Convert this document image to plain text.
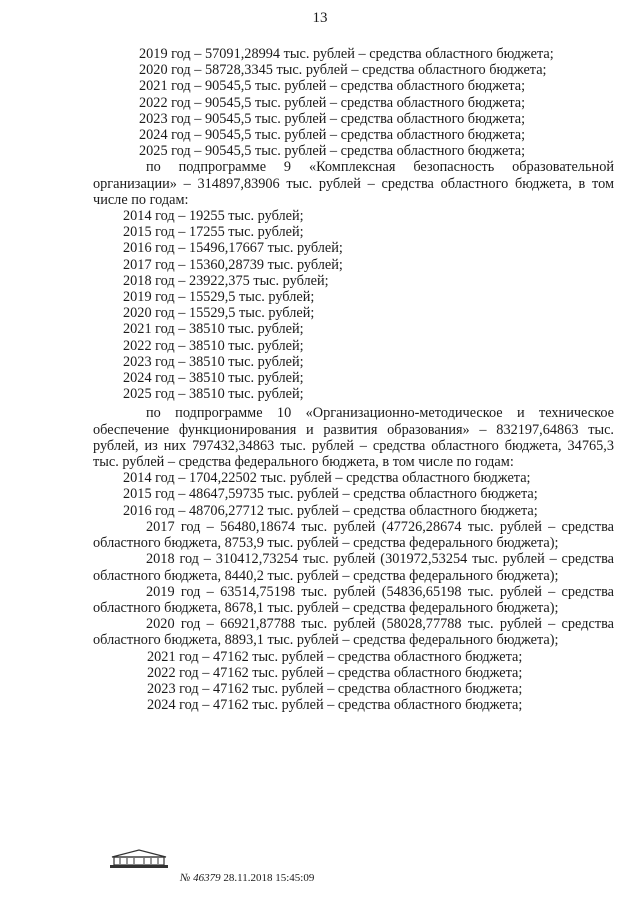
13
2019 год – 57091,28994 тыс. рублей – средства областного бюджета;
2020 год – 58728,3345 тыс. рублей – средства областного бюджета;
2021 год – 90545,5 тыс. рублей – средства областного бюджета;
2022 год – 90545,5 тыс. рублей – средства областного бюджета;
2023 год – 90545,5 тыс. рублей – средства областного бюджета;
2024 год – 90545,5 тыс. рублей – средства областного бюджета;
2025 год – 90545,5 тыс. рублей – средства областного бюджета;
по подпрограмме 9 «Комплексная безопасность образовательной организации» – 314897,83906 тыс. рублей – средства областного бюджета, в том числе по годам:
2014 год – 19255 тыс. рублей;
2015 год – 17255 тыс. рублей;
2016 год – 15496,17667 тыс. рублей;
2017 год – 15360,28739 тыс. рублей;
2018 год – 23922,375 тыс. рублей;
2019 год – 15529,5 тыс. рублей;
2020 год – 15529,5 тыс. рублей;
2021 год – 38510 тыс. рублей;
2022 год – 38510 тыс. рублей;
2023 год – 38510 тыс. рублей;
2024 год – 38510 тыс. рублей;
2025 год – 38510 тыс. рублей;
по подпрограмме 10 «Организационно-методическое и техническое обеспечение функционирования и развития образования» – 832197,64863 тыс. рублей, из них 797432,34863 тыс. рублей – средства областного бюджета, 34765,3 тыс. рублей – средства федерального бюджета, в том числе по годам:
2014 год – 1704,22502 тыс. рублей – средства областного бюджета;
2015 год – 48647,59735 тыс. рублей – средства областного бюджета;
2016 год – 48706,27712 тыс. рублей – средства областного бюджета;
2017 год – 56480,18674 тыс. рублей (47726,28674 тыс. рублей – средства областного бюджета, 8753,9 тыс. рублей – средства федерального бюджета);
2018 год – 310412,73254 тыс. рублей (301972,53254 тыс. рублей – средства областного бюджета, 8440,2 тыс. рублей – средства федерального бюджета);
2019 год – 63514,75198 тыс. рублей (54836,65198 тыс. рублей – средства областного бюджета, 8678,1 тыс. рублей – средства федерального бюджета);
2020 год – 66921,87788 тыс. рублей (58028,77788 тыс. рублей – средства областного бюджета, 8893,1 тыс. рублей – средства федерального бюджета);
2021 год – 47162 тыс. рублей – средства областного бюджета;
2022 год – 47162 тыс. рублей – средства областного бюджета;
2023 год – 47162 тыс. рублей – средства областного бюджета;
2024 год – 47162 тыс. рублей – средства областного бюджета;
№ 46379 28.11.2018 15:45:09
